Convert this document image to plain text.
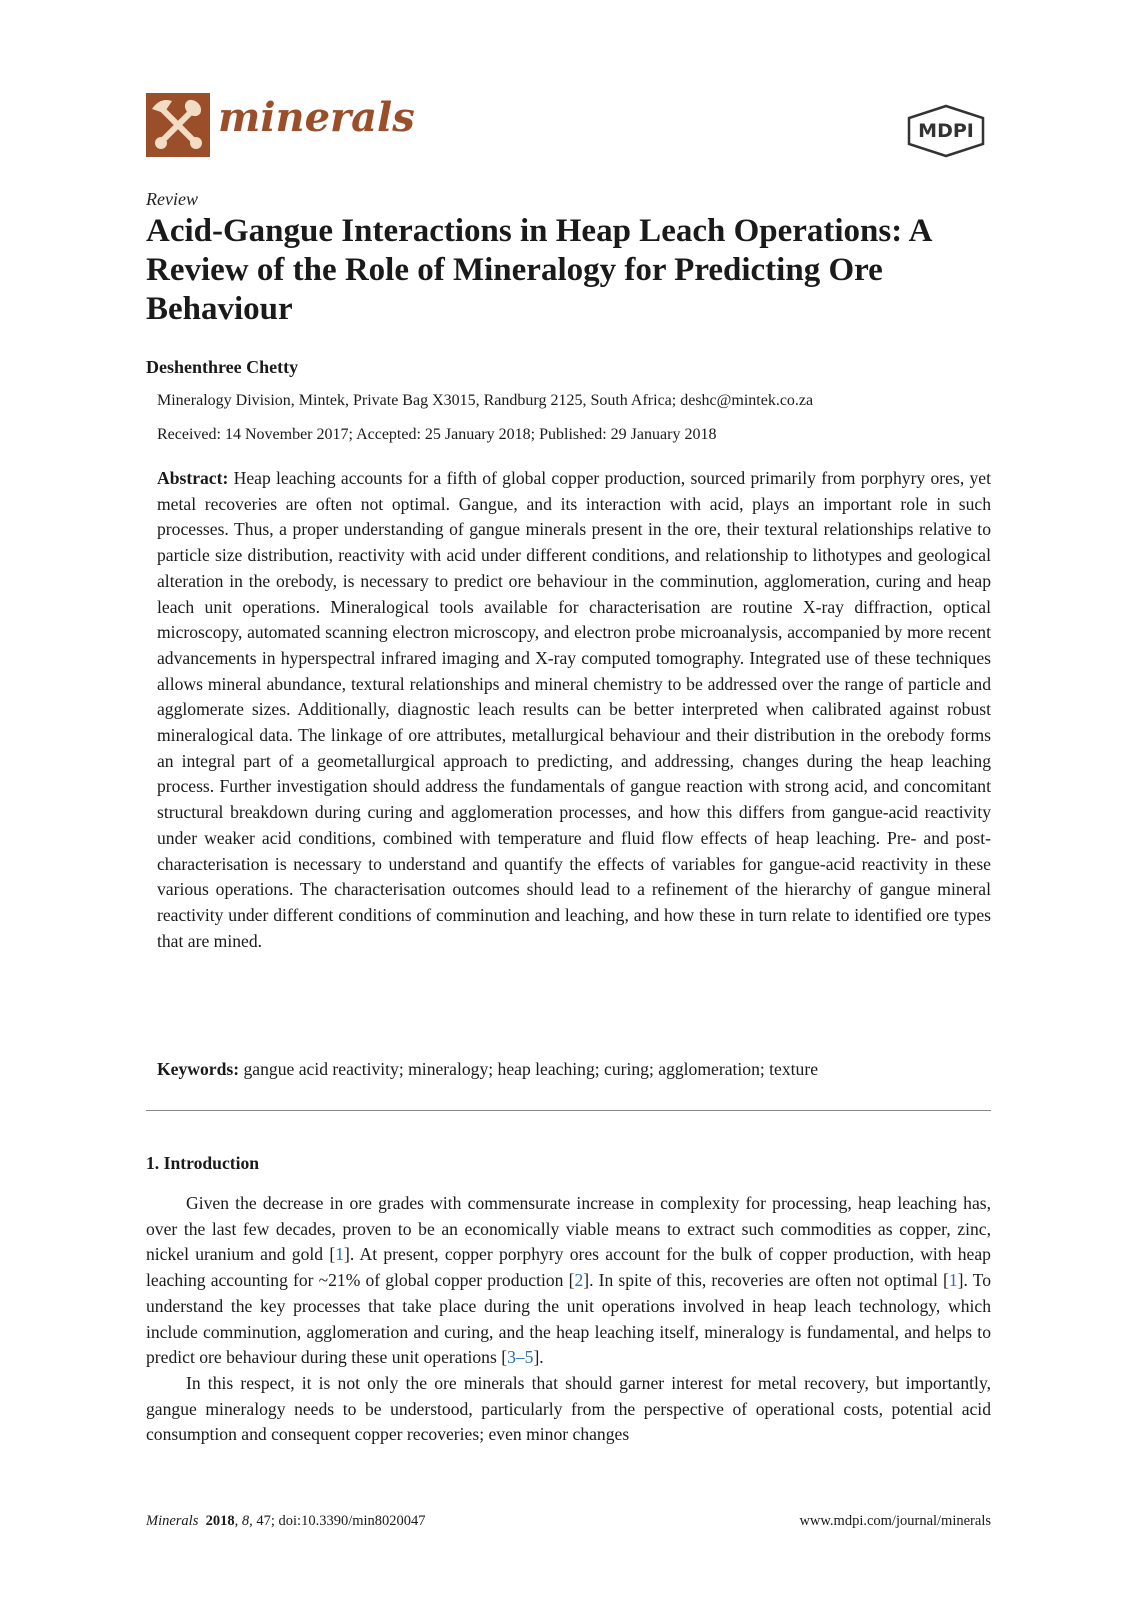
minerals	MDPI
Review
Acid-Gangue Interactions in Heap Leach Operations: A Review of the Role of Mineralogy for Predicting Ore Behaviour
Deshenthree Chetty
Mineralogy Division, Mintek, Private Bag X3015, Randburg 2125, South Africa; deshc@mintek.co.za
Received: 14 November 2017; Accepted: 25 January 2018; Published: 29 January 2018

Abstract: Heap leaching accounts for a fifth of global copper production, sourced primarily from porphyry ores, yet metal recoveries are often not optimal. Gangue, and its interaction with acid, plays an important role in such processes. Thus, a proper understanding of gangue minerals present in the ore, their textural relationships relative to particle size distribution, reactivity with acid under different conditions, and relationship to lithotypes and geological alteration in the orebody, is necessary to predict ore behaviour in the comminution, agglomeration, curing and heap leach unit operations. Mineralogical tools available for characterisation are routine X-ray diffraction, optical microscopy, automated scanning electron microscopy, and electron probe microanalysis, accompanied by more recent advancements in hyperspectral infrared imaging and X-ray computed tomography. Integrated use of these techniques allows mineral abundance, textural relationships and mineral chemistry to be addressed over the range of particle and agglomerate sizes. Additionally, diagnostic leach results can be better interpreted when calibrated against robust mineralogical data. The linkage of ore attributes, metallurgical behaviour and their distribution in the orebody forms an integral part of a geometallurgical approach to predicting, and addressing, changes during the heap leaching process. Further investigation should address the fundamentals of gangue reaction with strong acid, and concomitant structural breakdown during curing and agglomeration processes, and how this differs from gangue-acid reactivity under weaker acid conditions, combined with temperature and fluid flow effects of heap leaching. Pre- and post- characterisation is necessary to understand and quantify the effects of variables for gangue-acid reactivity in these various operations. The characterisation outcomes should lead to a refinement of the hierarchy of gangue mineral reactivity under different conditions of comminution and leaching, and how these in turn relate to identified ore types that are mined.

Keywords: gangue acid reactivity; mineralogy; heap leaching; curing; agglomeration; texture

1. Introduction

Given the decrease in ore grades with commensurate increase in complexity for processing, heap leaching has, over the last few decades, proven to be an economically viable means to extract such commodities as copper, zinc, nickel uranium and gold [1]. At present, copper porphyry ores account for the bulk of copper production, with heap leaching accounting for ~21% of global copper production [2]. In spite of this, recoveries are often not optimal [1]. To understand the key processes that take place during the unit operations involved in heap leach technology, which include comminution, agglomeration and curing, and the heap leaching itself, mineralogy is fundamental, and helps to predict ore behaviour during these unit operations [3–5].

In this respect, it is not only the ore minerals that should garner interest for metal recovery, but importantly, gangue mineralogy needs to be understood, particularly from the perspective of operational costs, potential acid consumption and consequent copper recoveries; even minor changes

Minerals 2018, 8, 47; doi:10.3390/min8020047	www.mdpi.com/journal/minerals
